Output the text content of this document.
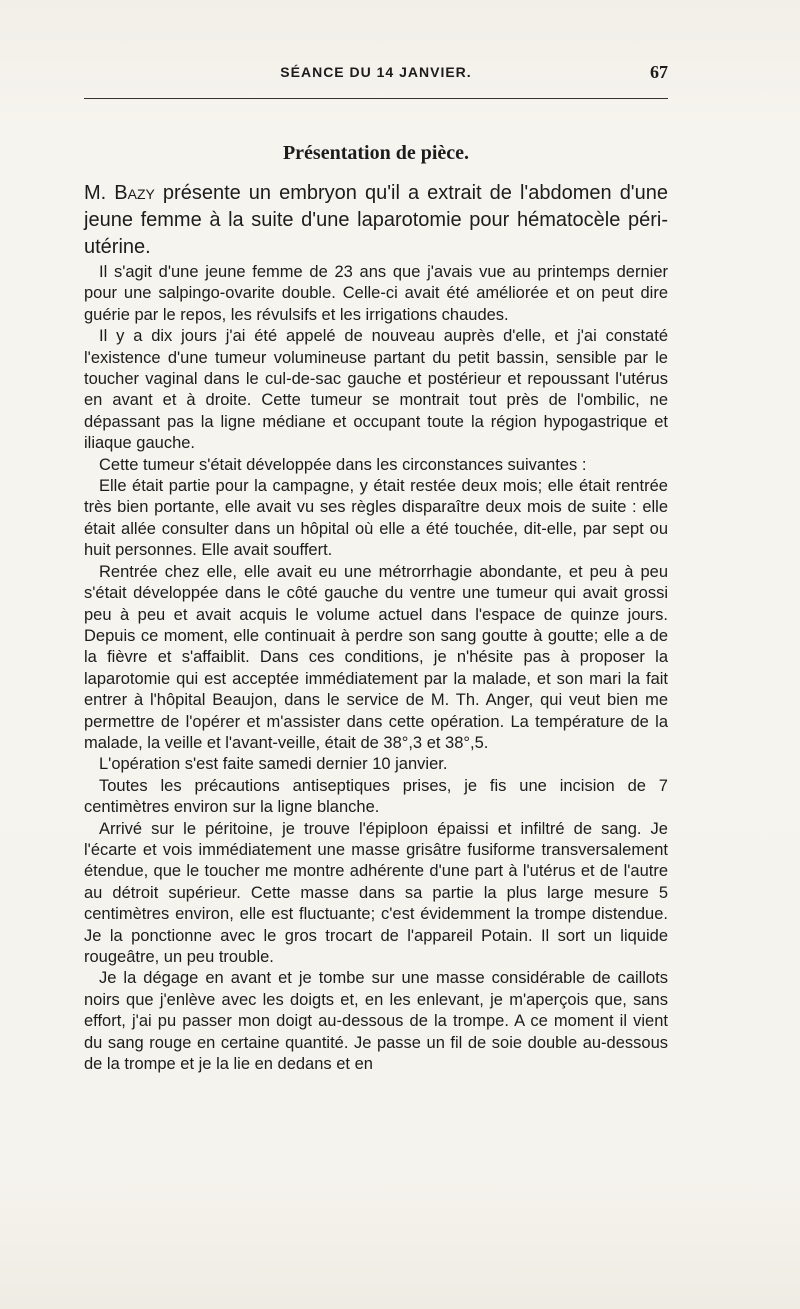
SÉANCE DU 14 JANVIER.	67
Présentation de pièce.
M. Bazy présente un embryon qu'il a extrait de l'abdomen d'une jeune femme à la suite d'une laparotomie pour hématocèle péri-utérine.

Il s'agit d'une jeune femme de 23 ans que j'avais vue au printemps dernier pour une salpingo-ovarite double. Celle-ci avait été améliorée et on peut dire guérie par le repos, les révulsifs et les irrigations chaudes.

Il y a dix jours j'ai été appelé de nouveau auprès d'elle, et j'ai constaté l'existence d'une tumeur volumineuse partant du petit bassin, sensible par le toucher vaginal dans le cul-de-sac gauche et postérieur et repoussant l'utérus en avant et à droite. Cette tumeur se montrait tout près de l'ombilic, ne dépassant pas la ligne médiane et occupant toute la région hypogastrique et iliaque gauche.

Cette tumeur s'était développée dans les circonstances suivantes :

Elle était partie pour la campagne, y était restée deux mois; elle était rentrée très bien portante, elle avait vu ses règles disparaître deux mois de suite : elle était allée consulter dans un hôpital où elle a été touchée, dit-elle, par sept ou huit personnes. Elle avait souffert.

Rentrée chez elle, elle avait eu une métrorrhagie abondante, et peu à peu s'était développée dans le côté gauche du ventre une tumeur qui avait grossi peu à peu et avait acquis le volume actuel dans l'espace de quinze jours. Depuis ce moment, elle continuait à perdre son sang goutte à goutte; elle a de la fièvre et s'affaiblit. Dans ces conditions, je n'hésite pas à proposer la laparotomie qui est acceptée immédiatement par la malade, et son mari la fait entrer à l'hôpital Beaujon, dans le service de M. Th. Anger, qui veut bien me permettre de l'opérer et m'assister dans cette opération. La température de la malade, la veille et l'avant-veille, était de 38°,3 et 38°,5.

L'opération s'est faite samedi dernier 10 janvier.

Toutes les précautions antiseptiques prises, je fis une incision de 7 centimètres environ sur la ligne blanche.

Arrivé sur le péritoine, je trouve l'épiploon épaissi et infiltré de sang. Je l'écarte et vois immédiatement une masse grisâtre fusiforme transversalement étendue, que le toucher me montre adhérente d'une part à l'utérus et de l'autre au détroit supérieur. Cette masse dans sa partie la plus large mesure 5 centimètres environ, elle est fluctuante; c'est évidemment la trompe distendue. Je la ponctionne avec le gros trocart de l'appareil Potain. Il sort un liquide rougeâtre, un peu trouble.

Je la dégage en avant et je tombe sur une masse considérable de caillots noirs que j'enlève avec les doigts et, en les enlevant, je m'aperçois que, sans effort, j'ai pu passer mon doigt au-dessous de la trompe. A ce moment il vient du sang rouge en certaine quantité. Je passe un fil de soie double au-dessous de la trompe et je la lie en dedans et en
